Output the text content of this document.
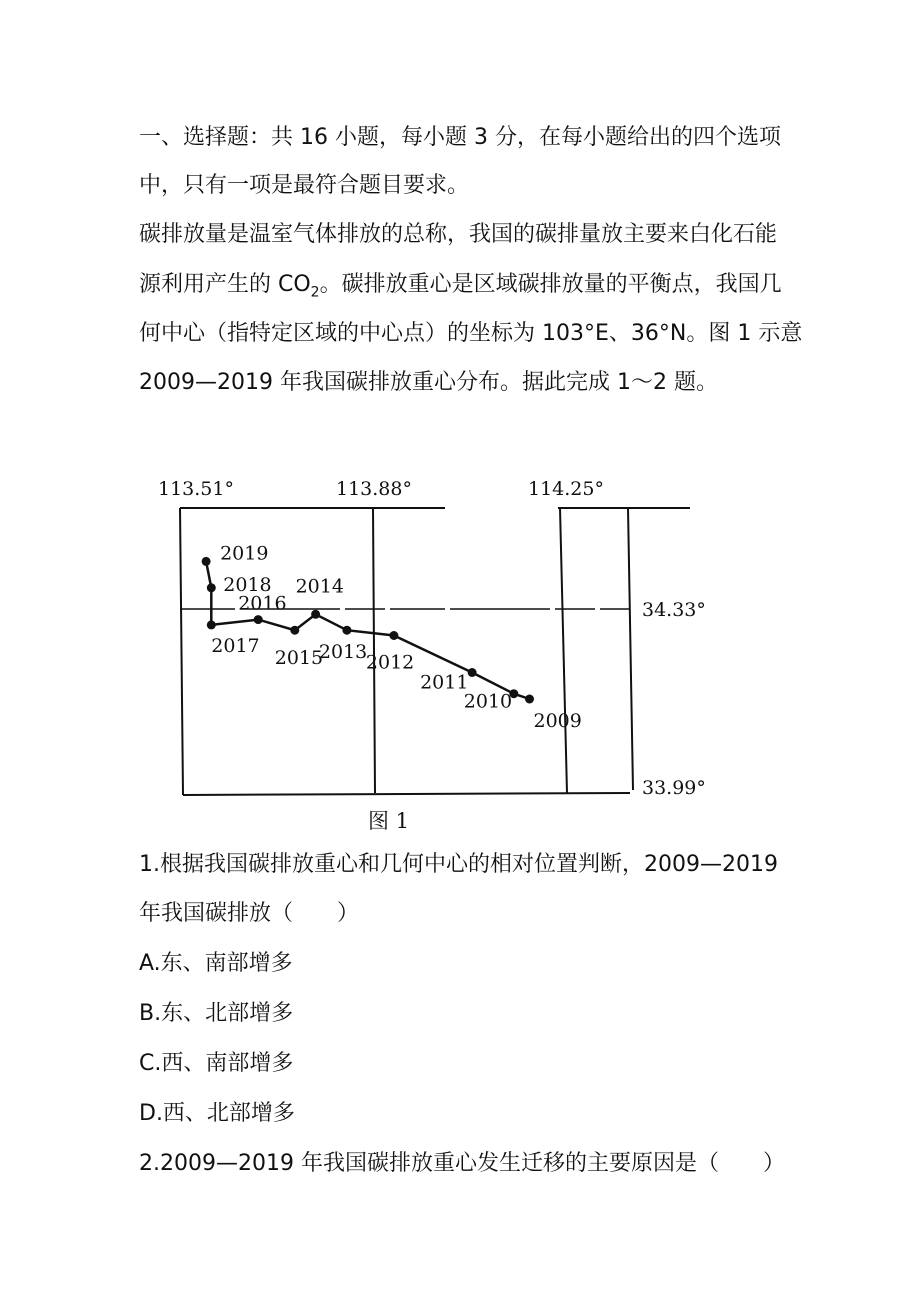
一、选择题：共 16 小题，每小题 3 分，在每小题给出的四个选项
中，只有一项是最符合题目要求。
碳排放量是温室气体排放的总称，我国的碳排量放主要来白化石能
源利用产生的 $CO_2$。碳排放重心是区域碳排放量的平衡点，我国几
何中心（指特定区域的中心点）的坐标为 103°E、36°N。图 1 示意
2009—2019 年我国碳排放重心分布。据此完成 1～2 题。
113.51°	113.88°	114.25°
34.33°
33.99°
2019
2018
2017
2016
2015
2014
2013
2012
2011
2010
2009
图 1
1.根据我国碳排放重心和几何中心的相对位置判断，2009—2019
年我国碳排放（　　）
A.东、南部增多
B.东、北部增多
C.西、南部增多
D.西、北部增多
2.2009—2019 年我国碳排放重心发生迁移的主要原因是（　　）
